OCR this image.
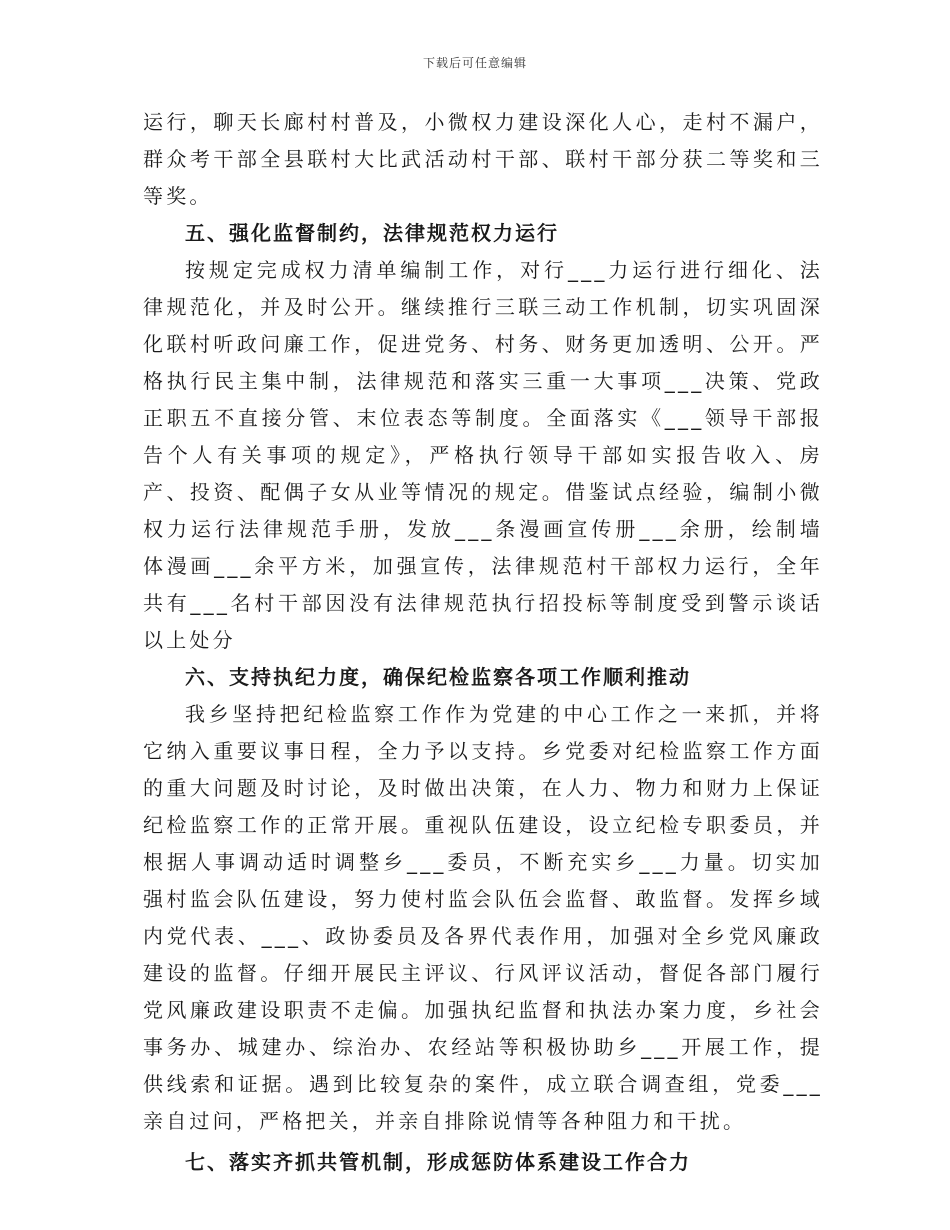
下载后可任意编辑

运行，聊天长廊村村普及，小微权力建设深化人心，走村不漏户，群众考干部全县联村大比武活动村干部、联村干部分获二等奖和三等奖。

五、强化监督制约，法律规范权力运行

按规定完成权力清单编制工作，对行___力运行进行细化、法律规范化，并及时公开。继续推行三联三动工作机制，切实巩固深化联村听政问廉工作，促进党务、村务、财务更加透明、公开。严格执行民主集中制，法律规范和落实三重一大事项___决策、党政正职五不直接分管、末位表态等制度。全面落实《___领导干部报告个人有关事项的规定》，严格执行领导干部如实报告收入、房产、投资、配偶子女从业等情况的规定。借鉴试点经验，编制小微权力运行法律规范手册，发放___条漫画宣传册___余册，绘制墙体漫画___余平方米，加强宣传，法律规范村干部权力运行，全年共有___名村干部因没有法律规范执行招投标等制度受到警示谈话以上处分

六、支持执纪力度，确保纪检监察各项工作顺利推动

我乡坚持把纪检监察工作作为党建的中心工作之一来抓，并将它纳入重要议事日程，全力予以支持。乡党委对纪检监察工作方面的重大问题及时讨论，及时做出决策，在人力、物力和财力上保证纪检监察工作的正常开展。重视队伍建设，设立纪检专职委员，并根据人事调动适时调整乡___委员，不断充实乡___力量。切实加强村监会队伍建设，努力使村监会队伍会监督、敢监督。发挥乡域内党代表、___、政协委员及各界代表作用，加强对全乡党风廉政建设的监督。仔细开展民主评议、行风评议活动，督促各部门履行党风廉政建设职责不走偏。加强执纪监督和执法办案力度，乡社会事务办、城建办、综治办、农经站等积极协助乡___开展工作，提供线索和证据。遇到比较复杂的案件，成立联合调查组，党委___亲自过问，严格把关，并亲自排除说情等各种阻力和干扰。

七、落实齐抓共管机制，形成惩防体系建设工作合力
